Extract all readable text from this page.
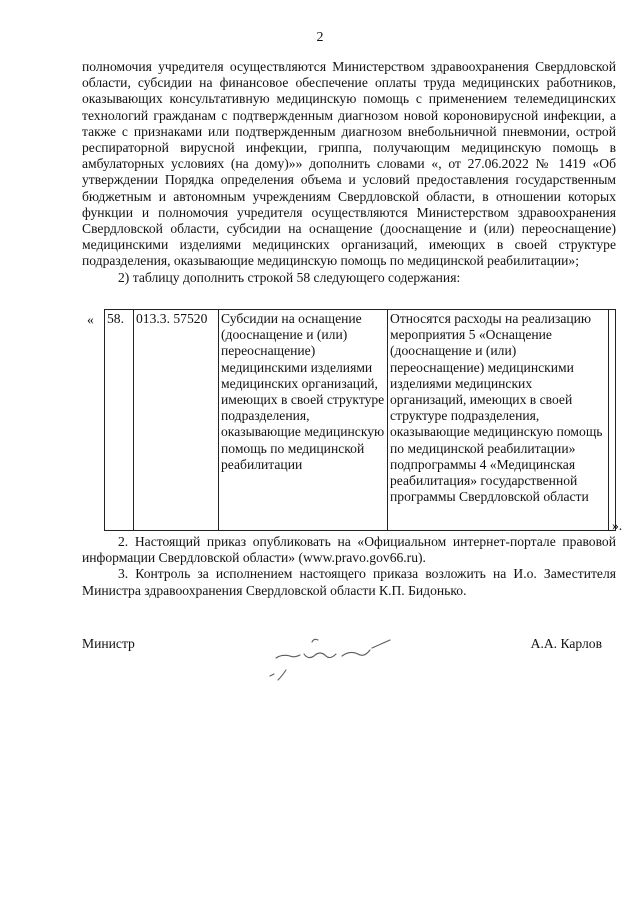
2

полномочия учредителя осуществляются Министерством здравоохранения Свердловской области, субсидии на финансовое обеспечение оплаты труда медицинских работников, оказывающих консультативную медицинскую помощь с применением телемедицинских технологий гражданам с подтвержденным диагнозом новой короновирусной инфекции, а также с признаками или подтвержденным диагнозом внебольничной пневмонии, острой респираторной вирусной инфекции, гриппа, получающим медицинскую помощь в амбулаторных условиях (на дому)»» дополнить словами «, от 27.06.2022 № 1419 «Об утверждении Порядка определения объема и условий предоставления государственным бюджетным и автономным учреждениям Свердловской области, в отношении которых функции и полномочия учредителя осуществляются Министерством здравоохранения Свердловской области, субсидии на оснащение (дооснащение и (или) переоснащение) медицинскими изделиями медицинских организаций, имеющих в своей структуре подразделения, оказывающие медицинскую помощь по медицинской реабилитации»;

2) таблицу дополнить строкой 58 следующего содержания:

« 58.	013.3. 57520	Субсидии на оснащение (дооснащение и (или) переоснащение) медицинскими изделиями медицинских организаций, имеющих в своей структуре подразделения, оказывающие медицинскую помощь по медицинской реабилитации	Относятся расходы на реализацию мероприятия 5 «Оснащение (дооснащение и (или) переоснащение) медицинскими изделиями медицинских организаций, имеющих в своей структуре подразделения, оказывающие медицинскую помощь по медицинской реабилитации» подпрограммы 4 «Медицинская реабилитация» государственной программы Свердловской области	
».

2. Настоящий приказ опубликовать на «Официальном интернет-портале правовой информации Свердловской области» (www.pravo.gov66.ru).

3. Контроль за исполнением настоящего приказа возложить на И.о. Заместителя Министра здравоохранения Свердловской области К.П. Бидонько.

Министр	А.А. Карлов
